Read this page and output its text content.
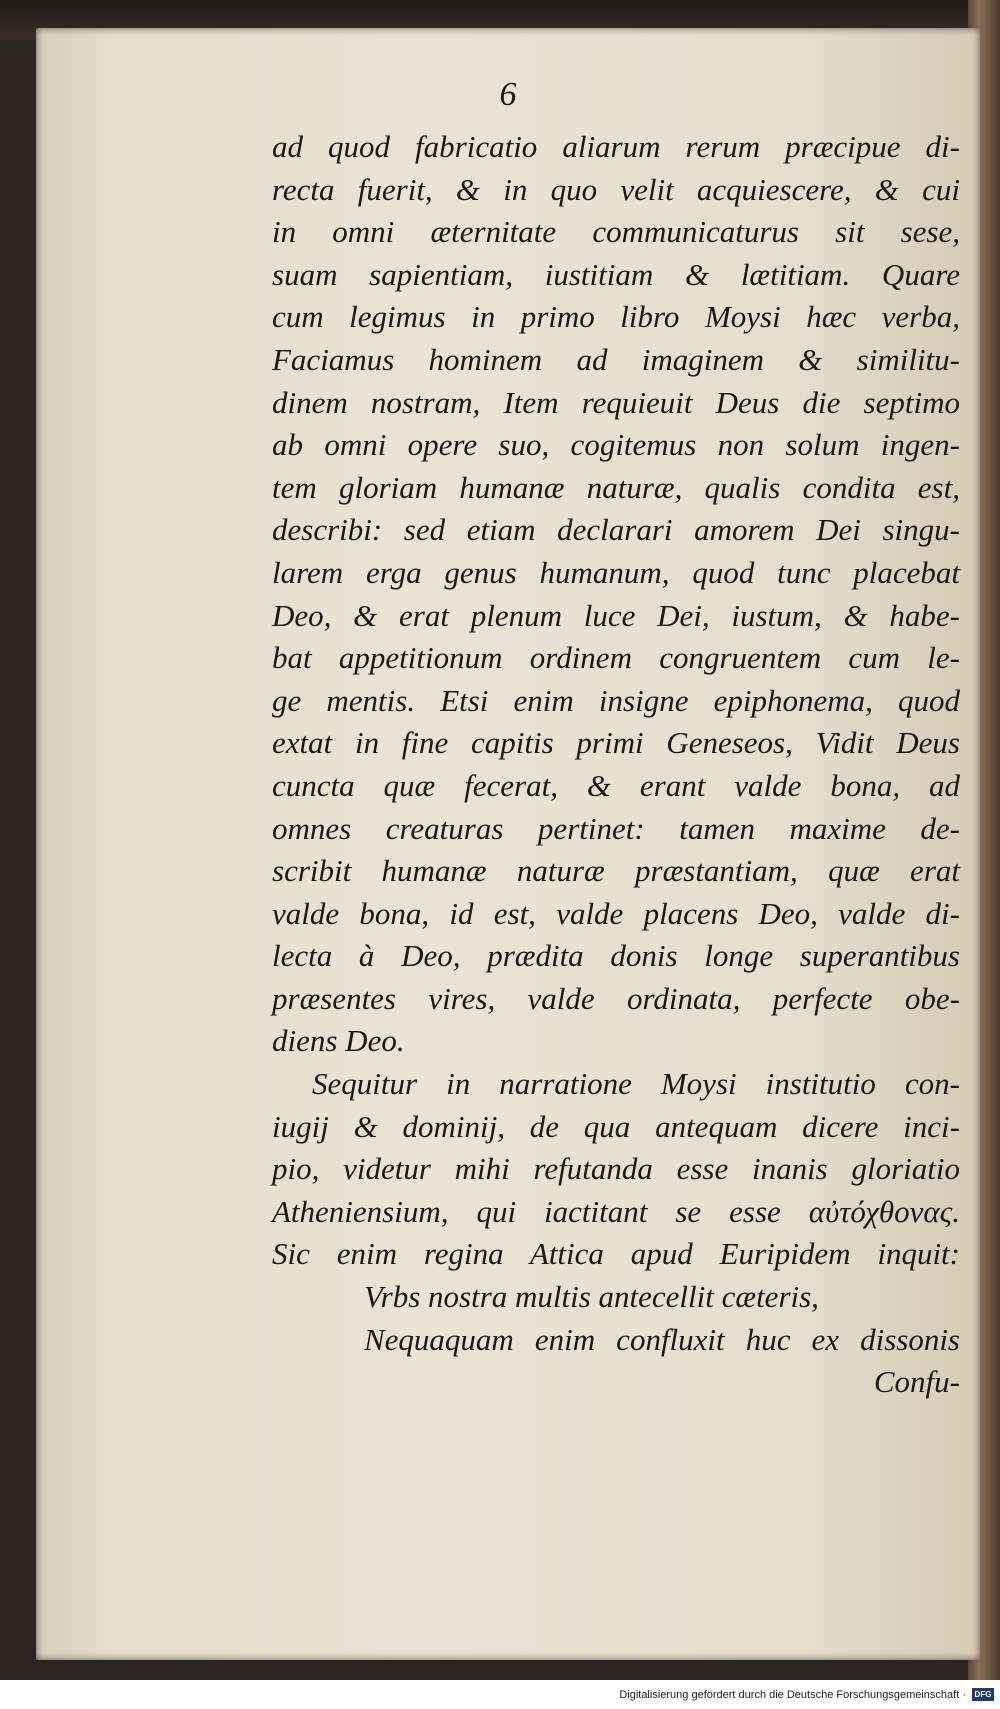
6
ad quod fabricatio aliarum rerum præcipue di-
recta fuerit, & in quo velit acquiescere, & cui
in omni æternitate communicaturus sit sese,
suam sapientiam, iustitiam & lætitiam. Quare
cum legimus in primo libro Moysi hæc verba,
Faciamus hominem ad imaginem & similitu-
dinem nostram, Item requieuit Deus die septimo
ab omni opere suo, cogitemus non solum ingen-
tem gloriam humanæ naturæ, qualis condita est,
describi: sed etiam declarari amorem Dei singu-
larem erga genus humanum, quod tunc placebat
Deo, & erat plenum luce Dei, iustum, & habe-
bat appetitionum ordinem congruentem cum le-
ge mentis. Etsi enim insigne epiphonema, quod
extat in fine capitis primi Geneseos, Vidit Deus
cuncta quæ fecerat, & erant valde bona, ad
omnes creaturas pertinet: tamen maxime de-
scribit humanæ naturæ præstantiam, quæ erat
valde bona, id est, valde placens Deo, valde di-
lecta à Deo, prædita donis longe superantibus
præsentes vires, valde ordinata, perfecte obe-
diens Deo.
Sequitur in narratione Moysi institutio con-
iugij & dominij, de qua antequam dicere inci-
pio, videtur mihi refutanda esse inanis gloriatio
Atheniensium, qui iactitant se esse αὐτόχθονας.
Sic enim regina Attica apud Euripidem inquit:
Vrbs nostra multis antecellit cæteris,
Nequaquam enim confluxit huc ex dissonis
Confu-
Digitalisierung gefördert durch die Deutsche Forschungsgemeinschaft ·	DFG
